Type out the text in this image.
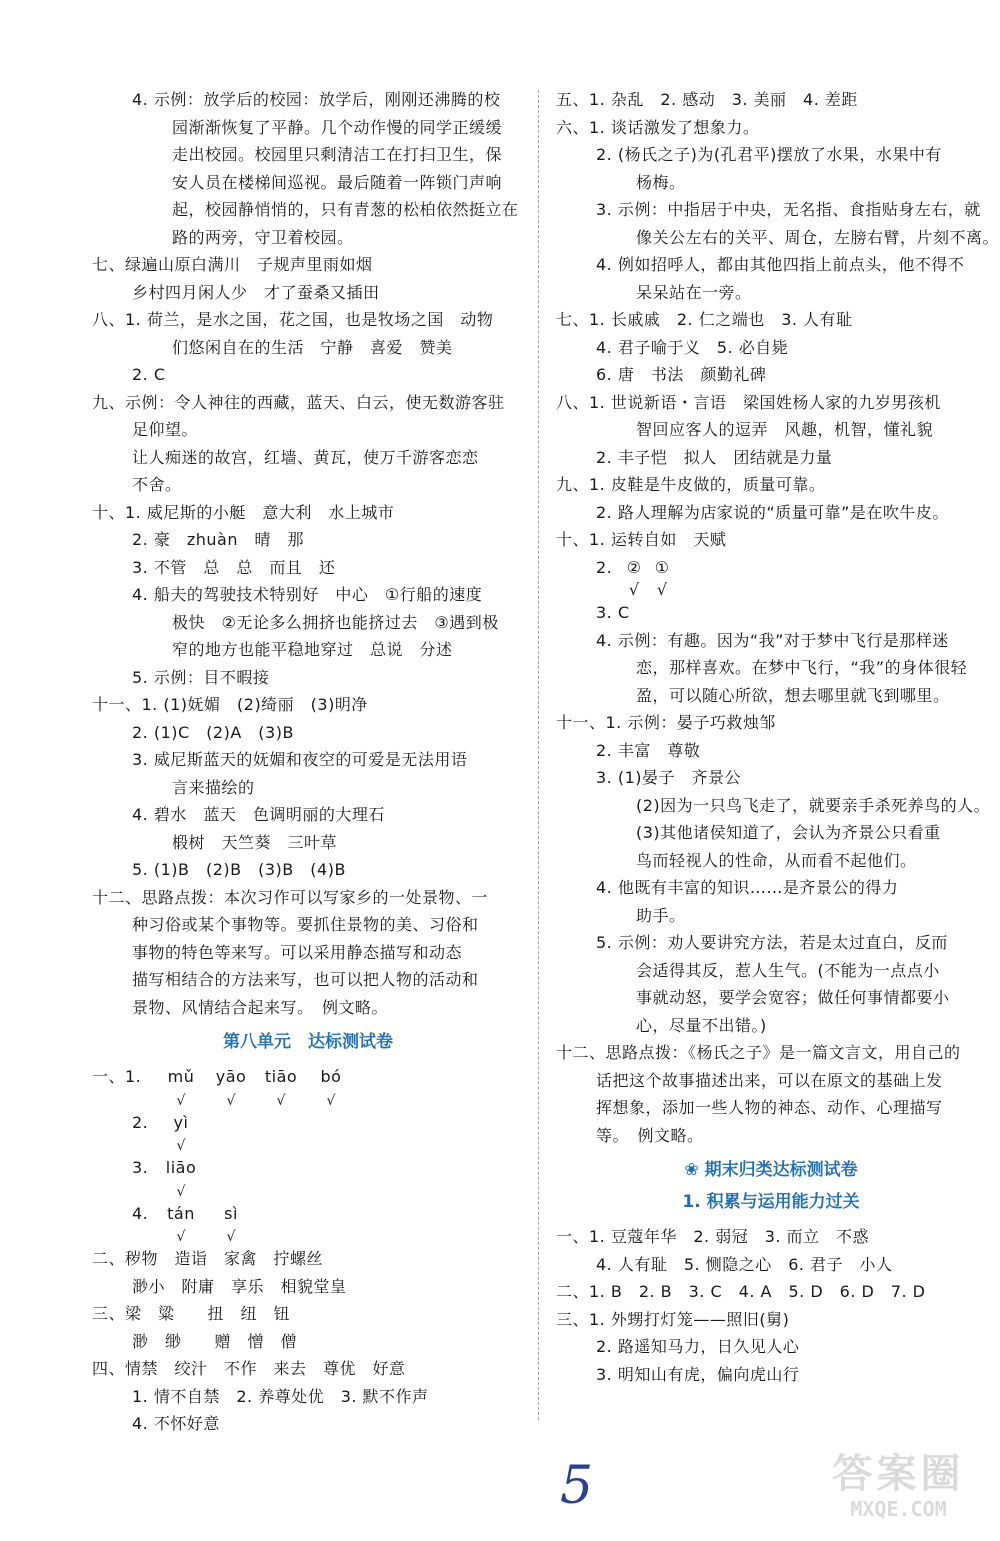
4. 示例：放学后的校园：放学后，刚刚还沸腾的校
园渐渐恢复了平静。几个动作慢的同学正缓缓
走出校园。校园里只剩清洁工在打扫卫生，保
安人员在楼梯间巡视。最后随着一阵锁门声响
起，校园静悄悄的，只有青葱的松柏依然挺立在
路的两旁，守卫着校园。
七、绿遍山原白满川　子规声里雨如烟
乡村四月闲人少　才了蚕桑又插田
八、1. 荷兰，是水之国，花之国，也是牧场之国　动物
们悠闲自在的生活　宁静　喜爱　赞美
2. C
九、示例：令人神往的西藏，蓝天、白云，使无数游客驻
足仰望。
让人痴迷的故宫，红墙、黄瓦，使万千游客恋恋
不舍。
十、1. 威尼斯的小艇　意大利　水上城市
2. 豪　zhuàn　晴　那
3. 不管　总　总　而且　还
4. 船夫的驾驶技术特别好　中心　①行船的速度
极快　②无论多么拥挤也能挤过去　③遇到极
窄的地方也能平稳地穿过　总说　分述
5. 示例：目不暇接
十一、1. (1)妩媚　(2)绮丽　(3)明净
2. (1)C　(2)A　(3)B
3. 威尼斯蓝天的妩媚和夜空的可爱是无法用语
言来描绘的
4. 碧水　蓝天　色调明丽的大理石
椴树　天竺葵　三叶草
5. (1)B　(2)B　(3)B　(4)B
十二、思路点拨：本次习作可以写家乡的一处景物、一
种习俗或某个事物等。要抓住景物的美、习俗和
事物的特色等来写。可以采用静态描写和动态
描写相结合的方法来写，也可以把人物的活动和
景物、风情结合起来写。　例文略。
第八单元　达标测试卷
一、1. mǔ yāo tiāo bó
√	√	√	√
2. yì
√
3. liāo
√
4. tán sì
√	√
二、秽物　造诣　家禽　拧螺丝
渺小　附庸　享乐　相貌堂皇
三、梁　粱　　扭　纽　钮
渺　缈　　赠　憎　僧
四、情禁　绞汁　不作　来去　尊优　好意
1. 情不自禁　2. 养尊处优　3. 默不作声
4. 不怀好意
五、1. 杂乱　2. 感动　3. 美丽　4. 差距
六、1. 谈话激发了想象力。
2. (杨氏之子)为(孔君平)摆放了水果，水果中有
杨梅。
3. 示例：中指居于中央，无名指、食指贴身左右，就
像关公左右的关平、周仓，左膀右臂，片刻不离。
4. 例如招呼人，都由其他四指上前点头，他不得不
呆呆站在一旁。
七、1. 长戚戚　2. 仁之端也　3. 人有耻
4. 君子喻于义　5. 必自毙
6. 唐　书法　颜勤礼碑
八、1. 世说新语・言语　梁国姓杨人家的九岁男孩机
智回应客人的逗弄　风趣，机智，懂礼貌
2. 丰子恺　拟人　团结就是力量
九、1. 皮鞋是牛皮做的，质量可靠。
2. 路人理解为店家说的“质量可靠”是在吹牛皮。
十、1. 运转自如　天赋
2. ② ①
√ √
3. C
4. 示例：有趣。因为“我”对于梦中飞行是那样迷
恋，那样喜欢。在梦中飞行，“我”的身体很轻
盈，可以随心所欲，想去哪里就飞到哪里。
十一、1. 示例：晏子巧救烛邹
2. 丰富　尊敬
3. (1)晏子　齐景公
(2)因为一只鸟飞走了，就要亲手杀死养鸟的人。
(3)其他诸侯知道了，会认为齐景公只看重
鸟而轻视人的性命，从而看不起他们。
4. 他既有丰富的知识……是齐景公的得力
助手。
5. 示例：劝人要讲究方法，若是太过直白，反而
会适得其反，惹人生气。(不能为一点点小
事就动怒，要学会宽容；做任何事情都要小
心，尽量不出错。)
十二、思路点拨：《杨氏之子》是一篇文言文，用自己的
话把这个故事描述出来，可以在原文的基础上发
挥想象，添加一些人物的神态、动作、心理描写
等。　例文略。
❀ 期末归类达标测试卷
1. 积累与运用能力过关
一、1. 豆蔻年华　2. 弱冠　3. 而立　不惑
4. 人有耻　5. 恻隐之心　6. 君子　小人
二、1. B　2. B　3. C　4. A　5. D　6. D　7. D
三、1. 外甥打灯笼——照旧(舅)
2. 路遥知马力，日久见人心
3. 明知山有虎，偏向虎山行
5	答案圈
MXQE.COM
